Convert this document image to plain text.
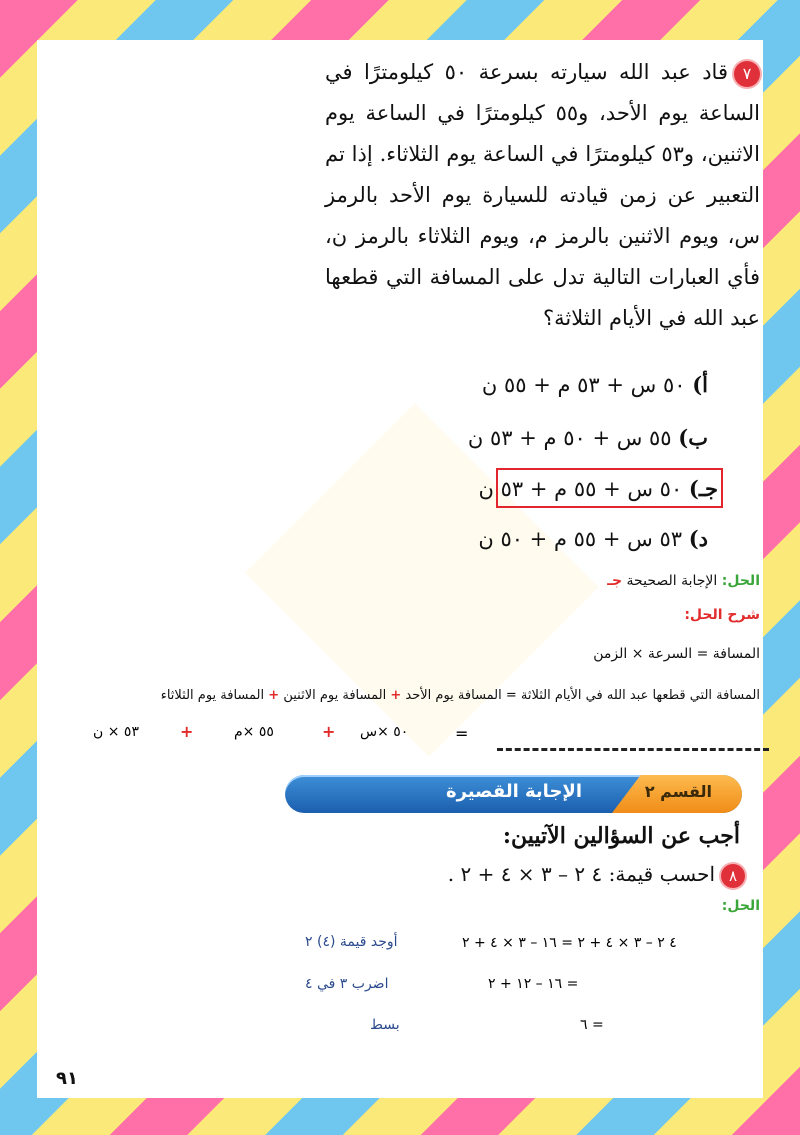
٧قاد عبد الله سيارته بسرعة ٥٠ كيلومترًا في الساعة يوم الأحد، و٥٥ كيلومترًا في الساعة يوم الاثنين، و٥٣ كيلومترًا في الساعة يوم الثلاثاء. إذا تم التعبير عن زمن قيادته للسيارة يوم الأحد بالرمز س، ويوم الاثنين بالرمز م، ويوم الثلاثاء بالرمز ن، فأي العبارات التالية تدل على المسافة التي قطعها عبد الله في الأيام الثلاثة؟
أ) ٥٠ س + ٥٣ م + ٥٥ ن
ب) ٥٥ س + ٥٠ م + ٥٣ ن
جـ) ٥٠ س + ٥٥ م + ٥٣ ن
د) ٥٣ س + ٥٥ م + ٥٠ ن
الحل: الإجابة الصحيحة جـ
شرح الحل:
المسافة = السرعة × الزمن
المسافة التي قطعها عبد الله في الأيام الثلاثة = المسافة يوم الأحد + المسافة يوم الاثنين + المسافة يوم الثلاثاء
=
٥٠ ×س
+
٥٥ ×م
+
٥٣ × ن
القسم ٢
الإجابة القصيرة
أجب عن السؤالين الآتيين:
٨احسب قيمة: ٤ ٢ – ٣ × ٤ + ٢ .
الحل:
٤ ٢ – ٣ × ٤ + ٢ = ١٦ – ٣ × ٤ + ٢
أوجد قيمة (٤) ٢
= ١٦ – ١٢ + ٢
اضرب ٣ في ٤
= ٦
بسط
٩١
